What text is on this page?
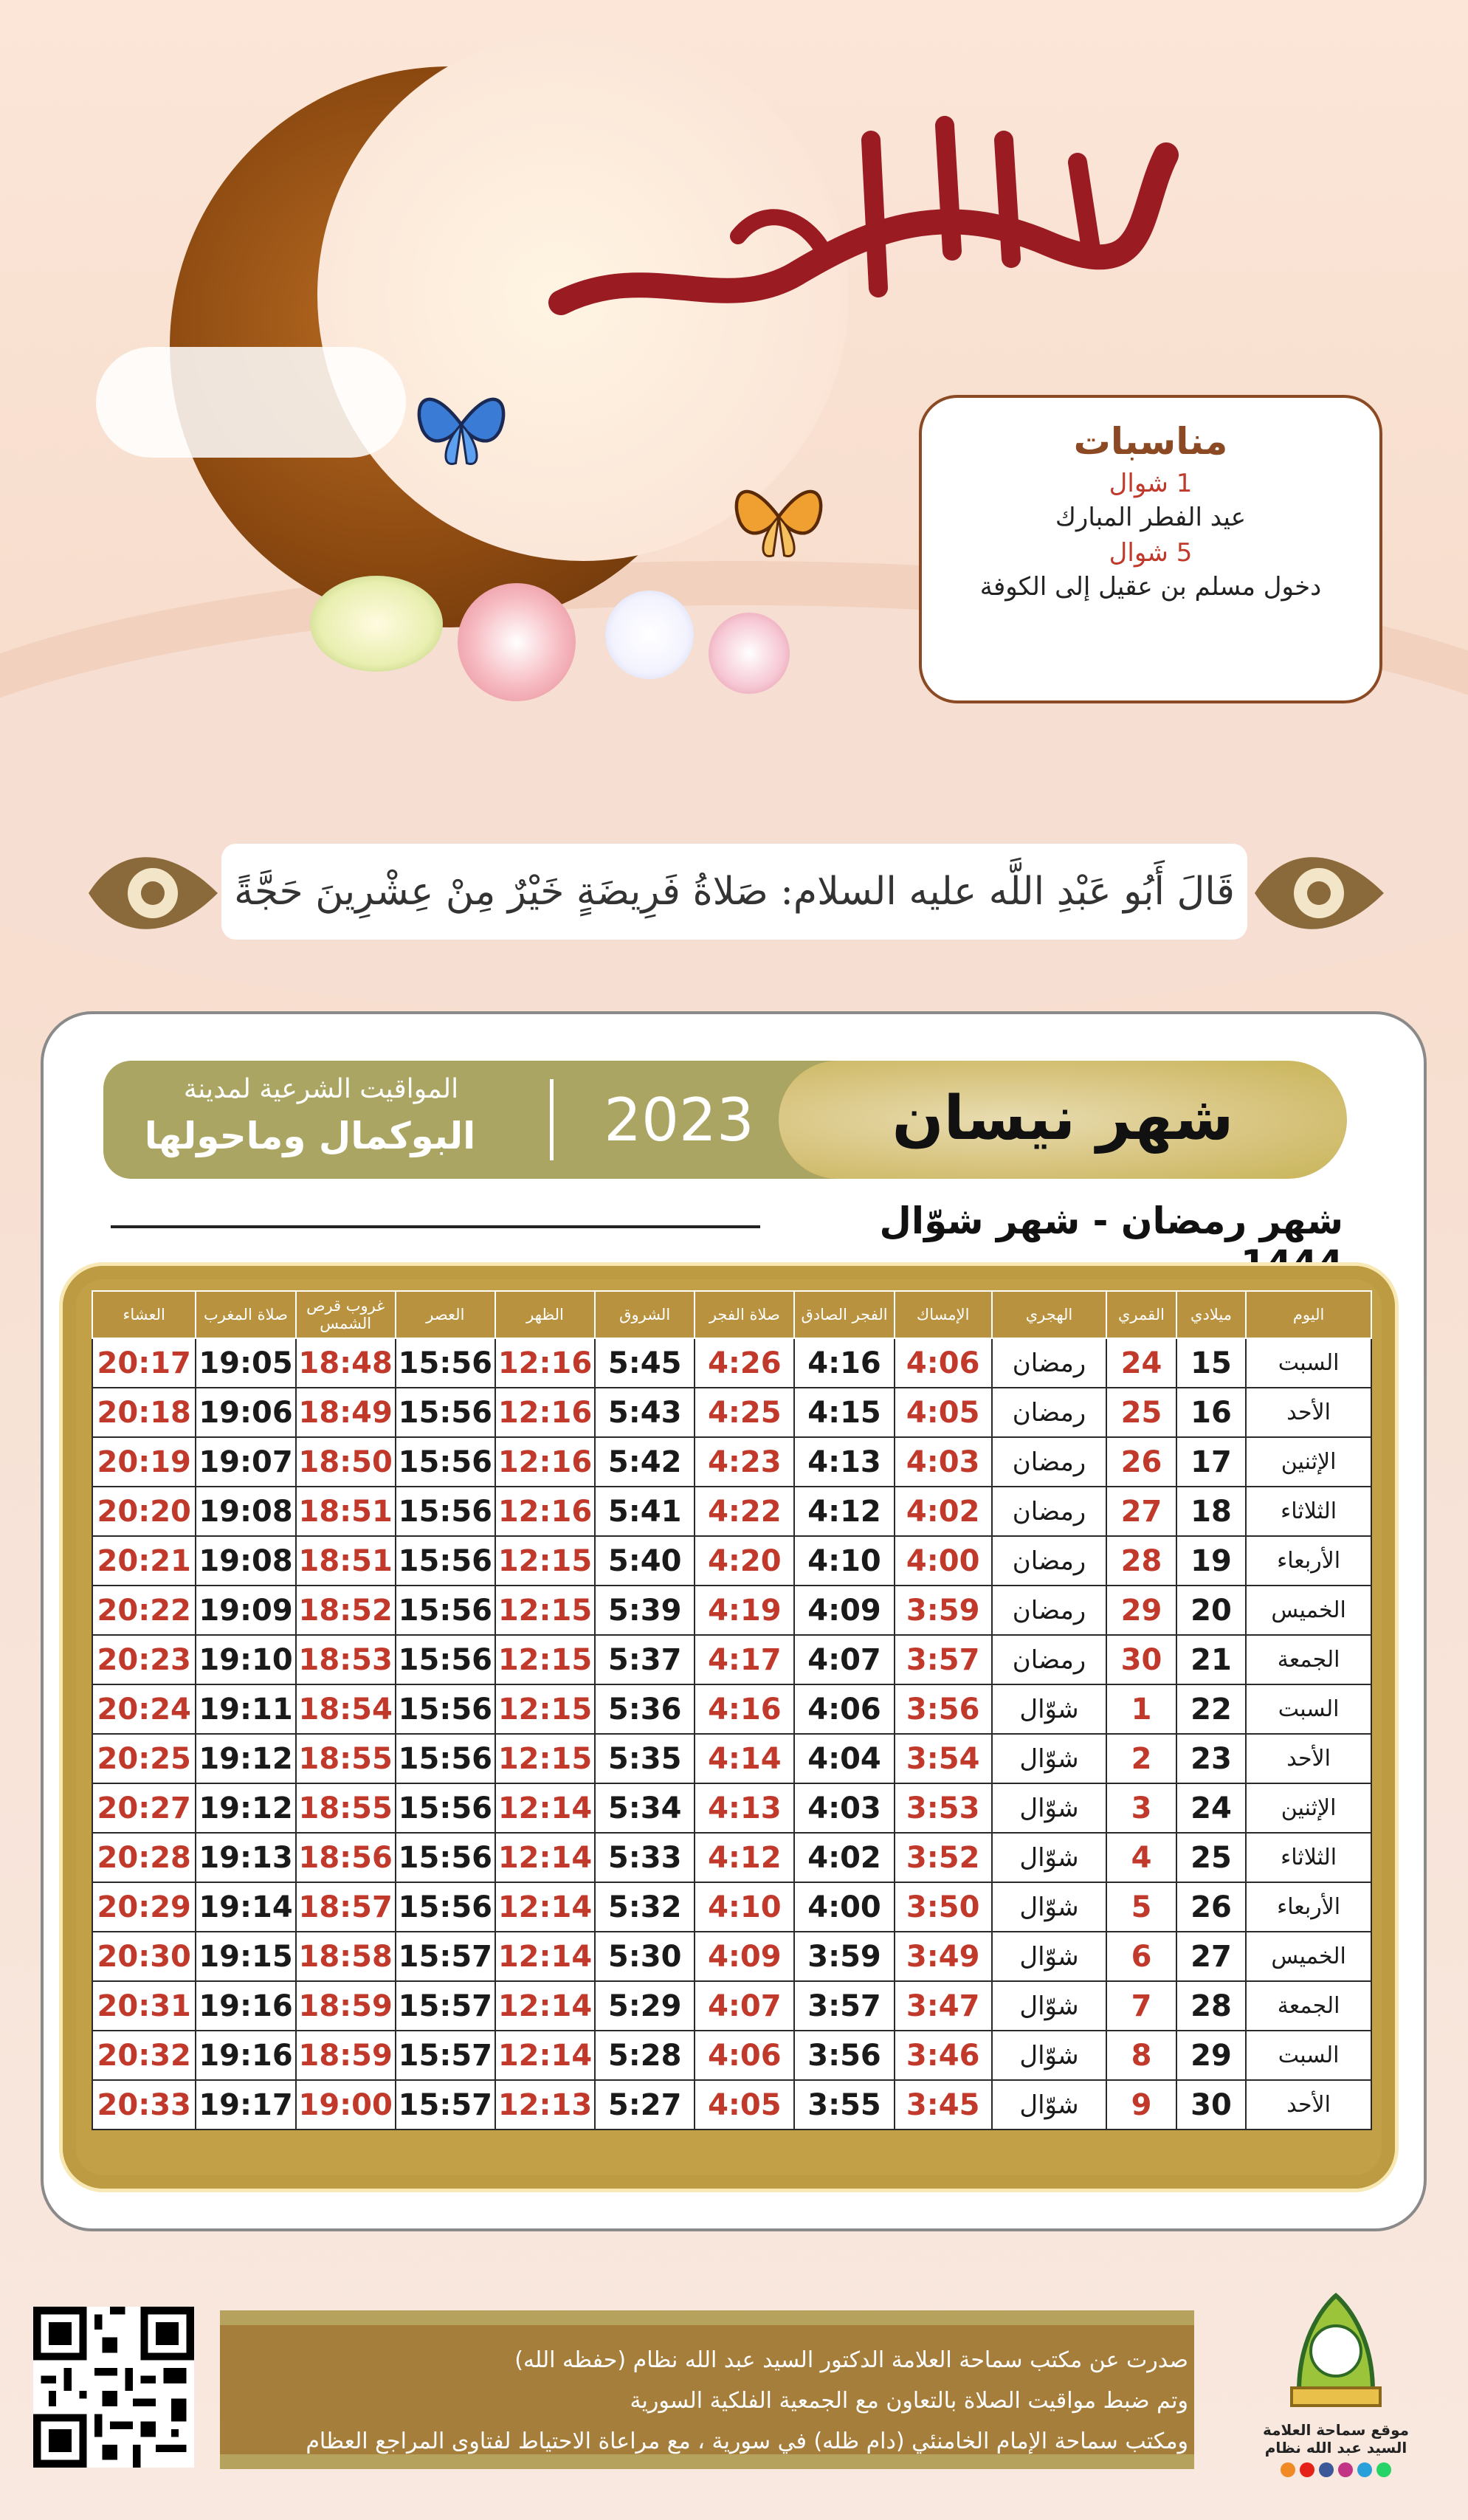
مناسبات
1 شوال
عيد الفطر المبارك
5 شوال
دخول مسلم بن عقيل إلى الكوفة
قَالَ أَبُو عَبْدِ اللَّه عليه السلام: صَلاةُ فَرِيضَةٍ خَيْرٌ مِنْ عِشْرِينَ حَجَّةً
شهر نيسان
2023
المواقيت الشرعية لمدينة
البوكمال وماحولها
شهر رمضان - شهر شوّال
اليوم	ميلادي	القمري	الهجري	الإمساك	الفجر الصادق	صلاة الفجر	الشروق	الظهر	العصر	غروب قرص الشمس	صلاة المغرب	العشاء
السبت	15	24	رمضان	4:06	4:16	4:26	5:45	12:16	15:56	18:48	19:05	20:17
الأحد	16	25	رمضان	4:05	4:15	4:25	5:43	12:16	15:56	18:49	19:06	20:18
الإثنين	17	26	رمضان	4:03	4:13	4:23	5:42	12:16	15:56	18:50	19:07	20:19
الثلاثاء	18	27	رمضان	4:02	4:12	4:22	5:41	12:16	15:56	18:51	19:08	20:20
الأربعاء	19	28	رمضان	4:00	4:10	4:20	5:40	12:15	15:56	18:51	19:08	20:21
الخميس	20	29	رمضان	3:59	4:09	4:19	5:39	12:15	15:56	18:52	19:09	20:22
الجمعة	21	30	رمضان	3:57	4:07	4:17	5:37	12:15	15:56	18:53	19:10	20:23
السبت	22	1	شوّال	3:56	4:06	4:16	5:36	12:15	15:56	18:54	19:11	20:24
الأحد	23	2	شوّال	3:54	4:04	4:14	5:35	12:15	15:56	18:55	19:12	20:25
الإثنين	24	3	شوّال	3:53	4:03	4:13	5:34	12:14	15:56	18:55	19:12	20:27
الثلاثاء	25	4	شوّال	3:52	4:02	4:12	5:33	12:14	15:56	18:56	19:13	20:28
الأربعاء	26	5	شوّال	3:50	4:00	4:10	5:32	12:14	15:56	18:57	19:14	20:29
الخميس	27	6	شوّال	3:49	3:59	4:09	5:30	12:14	15:57	18:58	19:15	20:30
الجمعة	28	7	شوّال	3:47	3:57	4:07	5:29	12:14	15:57	18:59	19:16	20:31
السبت	29	8	شوّال	3:46	3:56	4:06	5:28	12:14	15:57	18:59	19:16	20:32
الأحد	30	9	شوّال	3:45	3:55	4:05	5:27	12:13	15:57	19:00	19:17	20:33
صدرت عن مكتب سماحة العلامة الدكتور السيد عبد الله نظام (حفظه الله)
وتم ضبط مواقيت الصلاة بالتعاون مع الجمعية الفلكية السورية
ومكتب سماحة الإمام الخامنئي (دام ظله) في سورية ، مع مراعاة الاحتياط لفتاوى المراجع العظام	موقع سماحة العلامة السيد عبد الله نظام
